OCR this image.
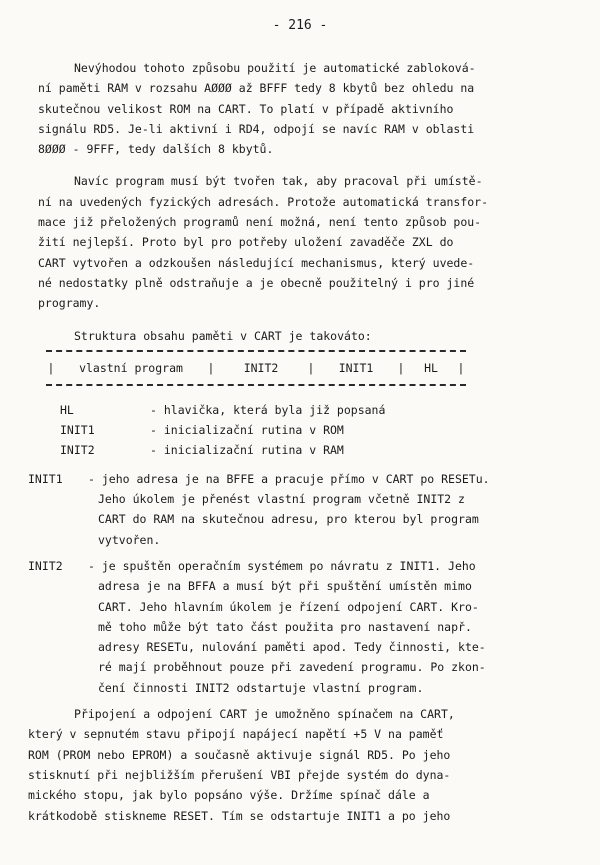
- 216 -
Nevýhodou tohoto způsobu použití je automatické zabloková-
ní paměti RAM v rozsahu AØØØ až BFFF tedy 8 kbytů bez ohledu na
skutečnou velikost ROM na CART. To platí v případě aktivního
signálu RD5. Je-li aktivní i RD4, odpojí se navíc RAM v oblasti
8ØØØ - 9FFF, tedy dalších 8 kbytů.
Navíc program musí být tvořen tak, aby pracoval při umístě-
ní na uvedených fyzických adresách. Protože automatická transfor-
mace již přeložených programů není možná, není tento způsob pou-
žití nejlepší. Proto byl pro potřeby uložení zavaděče ZXL do
CART vytvořen a odzkoušen následující mechanismus, který uvede-
né nedostatky plně odstraňuje a je obecně použitelný i pro jiné
programy.
Struktura obsahu paměti v CART je takováto:
|	vlastní program	|	INIT2	|	INIT1	|	HL	|
HL	- hlavička, která byla již popsaná
INIT1	- inicializační rutina v ROM
INIT2	- inicializační rutina v RAM
INIT1	- jeho adresa je na BFFE a pracuje přímo v CART po RESETu.
Jeho úkolem je přenést vlastní program včetně INIT2 z
CART do RAM na skutečnou adresu, pro kterou byl program
vytvořen.
INIT2	- je spuštěn operačním systémem po návratu z INIT1. Jeho
adresa je na BFFA a musí být při spuštění umístěn mimo
CART. Jeho hlavním úkolem je řízení odpojení CART. Kro-
mě toho může být tato část použita pro nastavení např.
adresy RESETu, nulování paměti apod. Tedy činnosti, kte-
ré mají proběhnout pouze při zavedení programu. Po zkon-
čení činnosti INIT2 odstartuje vlastní program.
Připojení a odpojení CART je umožněno spínačem na CART,
který v sepnutém stavu připojí napájecí napětí +5 V na paměť
ROM (PROM nebo EPROM) a současně aktivuje signál RD5. Po jeho
stisknutí při nejbližším přerušení VBI přejde systém do dyna-
mického stopu, jak bylo popsáno výše. Držíme spínač dále a
krátkodobě stiskneme RESET. Tím se odstartuje INIT1 a po jeho
